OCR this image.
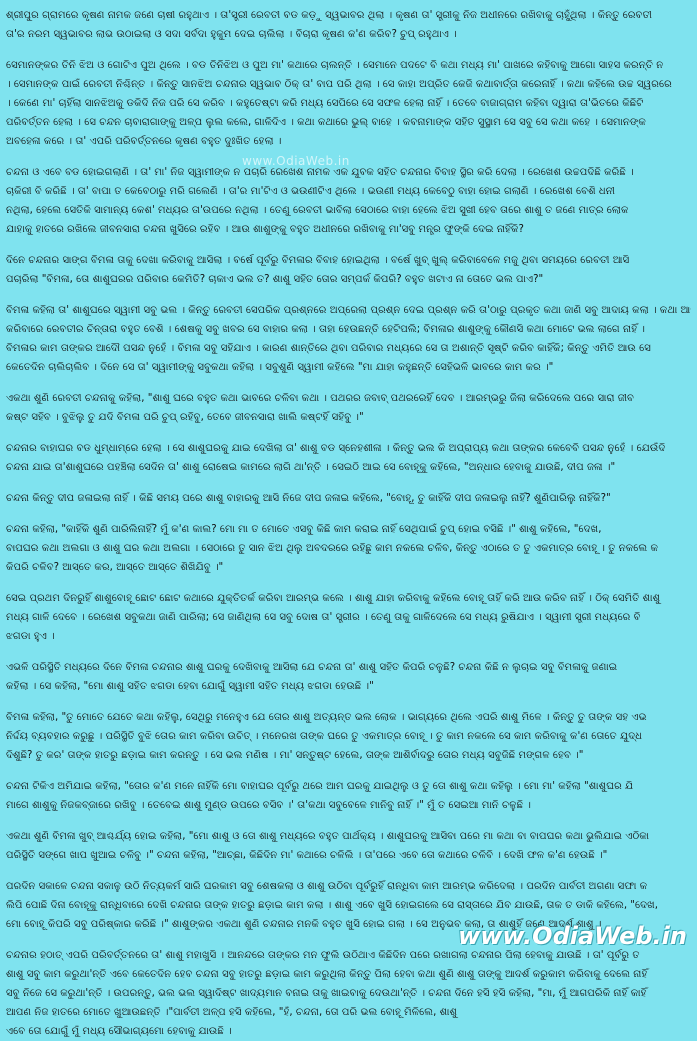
ଶ୍ରୀପୁର ଗ୍ରାମରେ କୃଷଣ ନାମକ ଜଣେ ଚାଷୀ ରହୁଥାଏ । ତା'ସ୍ତ୍ରୀ ରେବତୀ ବଡ କଡ଼ୁ ସ୍ୱଭାବର ଥିଲା । କୃଷଣ ତା' ସ୍ତ୍ରୀକୁ ନିଜ ଅଧୀନରେ ରଖିବାକୁ ଚାହୁଁଥିଲା । କିନ୍ତୁ ରେବତୀ
ତା'ର ନରମ ସ୍ୱଭାବର ଲାଭ ଉଠାଇଲା ଓ ସଦା ସର୍ବଦା ହୁକୁମ ଦେଇ ଚାଲିଲା । ବିଚାରା କୃଷଣ କ'ଣ କରିବ? ଚୁପ୍ ରହୁଥାଏ ।
ସେମାନଙ୍କର ତିନି ଝିଅ ଓ ଗୋଟିଏ ପୁଅ ଥିଲେ । ବଡ ତିନିଝିଅ ଓ ପୁଅ ମା' କଥାରେ ଚାଲନ୍ତି । ସେମାନେ ପଦଟେ ବି କଥା ମଧ୍ୟ ମା' ପାଖରେ କହିବାକୁ ଆଗୋ ସାହସ କରନ୍ତି ନ
। ସେମାନଙ୍କ ପାଇଁ ରେବତୀ ନିଶ୍ଚିନ୍ତ । କିନ୍ତୁ ସାନଝିଅ ଚନ୍ଦନାର ସ୍ୱଭାବ ଠିକ୍ ତା' ବାପ ପରି ଥିଲା । ସେ କାହା ଅପ୍ରିତ କେଜି କଥାବାର୍ତ୍ତା କରେନାହିଁ । କଥା କହିଲେ ଉଚ୍ଚ ସ୍ୱରରେ
। କେଣେ ମା' ଚାହିଁଲା ସାନଝିଅକୁ ଡକିଦି ନିଜ ପରି ସେ କରିବ । କହୁତେଷ୍ଟା କରି ମଧ୍ୟ ସେପିରେ ସେ ସଫଳ ହେଲା ନାହିଁ । ତେବେ ବାଜାଗ୍ରାମ କହିବା ଦ୍ୱାରା ତା'ଭିତରେ କିଛିଟି
ପରିବର୍ତ୍ତନ ହେଲା । ସେ ଚନ୍ଦନ ଚାବାରାଗାଙ୍କୁ ଅଳ୍ପ ଲୁଲ କଲେ, ଗାଳିଦିଏ । କଥା କଥାରେ ଭୁଲ୍ ବାହେ । କବନାମାଙ୍କ ସହିତ ସୁସ୍ଥାମ ସେ ସବୁ ସେ କଥା କହେ । ସେମାନଙ୍କ
ଅବହେଳା କରେ । ତା' ଏପରି ପରିବର୍ତ୍ତନରେ କୃଷଣ ବହୁତ ଦୁଃଖିତ ହେଲା ।
ଚନ୍ଦନା ଓ ଏବେ ବଡ ହୋଇଗଲାଣି । ତା' ମା' ନିଜ ସ୍ୱାମୀଙ୍କ ନ ପଚାରି ରେଖେଶ ନାମକ ଏକ ଯୁବକ ସହିତ ଚନ୍ଦନାର ବିବାହ ସ୍ଥିର କରି ଦେଲା । ରେଖେଶ ଉଚ୍ଚପଦିଛି କରିଛି ।
ଚାକିରୀ ବି କରିଛି । ତା' ବାପା ତ କେବେଠାରୁ ମରି ଗଲେଣି । ତା'ର ମା'ଟିଏ ଓ ଭଉଣୀଟିଏ ଥିଲେ । ଭଉଣୀ ମଧ୍ୟ କେବେଠୁ ବାହା ହୋଇ ଗଲାଣି । ରେଖେଶ ବେଶି ଧନୀ
ନଥିଲା, ହେଲେ ସେତିକି ସାମାନ୍ୟ କେଶ' ମଧ୍ୟର ତା'ଉପରେ ନଥିଲା । ତେଣୁ ରେବତୀ ଭାବିଲା ସେଠାରେ ବାହା ହେଲେ ଝିଅ ସୁଖୀ ହେବ ତାରେ ଶାଶୁ ତ ଜଣେ ମାତ୍ର ଲୋକ
ଯାହାକୁ ହାତରେ ରଖିଲେ ଜୀବନସାରା ଚନ୍ଦନା ଖୁସିରେ ରହିବ । ଆଉ ଶାଶୁଙ୍କୁ ବହୁତ ଅଧୀନରେ ରଖିବାକୁ ମା'ସବୁ ମନ୍ତ୍ର ଫୁଙ୍କି ଦେଇ ନାହିଁକି?
ଦିନେ ଚନ୍ଦନାର ସାଙ୍ଗ ବିମଳା ତାକୁ ଦେଖା କରିବାକୁ ଆସିଲା । ବର୍ଷେ ପୂର୍ବରୁ ବିମଳାର ବିବାହ ହୋଇଥିଲା । ବର୍ଷେ ଖୁବ୍ ଖୁଲ୍ କରିବାବେଳେ ମଜୁ ଥିବା ସମୟରେ ରେବତୀ ଆସି
ପଚାରିଲା "ବିମଳା, ତୋ ଶାଶୁଘରର ପରିବାର କେମିତି? ଚାକାଏ ଭଲ ତ? ଶାଶୁ ସହିତ ତୋର ସମ୍ପର୍କ କିପରି? ବହୁତ ଖଟାଏ ନା ତୋତେ ଭଲ ପାଏ?"
ବିମଳା କହିଲା ତା' ଶାଶୁଘରେ ସ୍ୱାମୀ ସବୁ ଭଲ । କିନ୍ତୁ ରେବତୀ ସେପରିକ ପ୍ରଶ୍ନରେ ଅପ୍ରେଲା ପ୍ରଶ୍ନ ଦେଇ ପ୍ରଶ୍ନ କରି ତା'ଠାରୁ ପ୍ରକୃତ କଥା ଜାଣି ସବୁ ଆଦାୟ କଲା । କଥା ଆଦାୟ
କରିବାରେ ରେବତୀର ଚିନ୍ତାରା ବହୁତ ବେଶି । ଶେଷକୁ ସବୁ ଖବର ସେ ବାହାର କଲା । ତାହା ହେଉଛନ୍ତି ହେଟିପଲି; ବିମଳାର ଶାଶୁଙ୍କୁ କୌଣସି କଥା ମୋଟେ ଭଲ ଲାଗେ ନାହିଁ ।
ବିମଳାର କାମ ତାଙ୍କର ଆଦୌ ପସନ୍ଦ ନୁହେଁ । ବିମଳା ସବୁ ସହିଯାଏ । କାରଣ ଶାନ୍ତିରେ ଥିବା ପରିବାର ମଧ୍ୟରେ ସେ ତା ଅଶାନ୍ତି ସୃଷ୍ଟି କରିବ କାହିଁକି; କିନ୍ତୁ ଏମିତି ଆଉ ସେ
କେତେଦିନ ଚାଲିଚାଲିବ । ଦିନେ ସେ ତା' ସ୍ୱାମୀଙ୍କୁ ସବୁକଥା କହିଲା । ସବୁଶୁଣି ସ୍ୱାମୀ କହିଲେ "ମା ଯାହା କହୁଛନ୍ତି ସେହିଭଳି ଭାବରେ କାମ କର ।"
ଏକଥା ଶୁଣି ରେବତୀ ଚନ୍ଦନାକୁ କହିଲା, "ଶାଶୁ ଘରେ ବହୁତ କଥା ଭାବରେ ଚଳିବା କଥା । ପଥରର ଜବାବ୍ ପଥରରେହିଁ ଦେବ । ଆରମ୍ଭରୁ ଜିଲା କରିଦେଲେ ପରେ ସାରା ଜୀବ
କଷ୍ଟ ସହିବ । ବୁଝିଲୁ ତୁ ଯଦି ବିମଳା ପରି ଚୁପ୍ ରହିବୁ, ତେବେ ଜୀବନସାରା ଖାଲି କଷ୍ଟହିଁ ସହିବୁ ।"
ଚନ୍ଦନାର ବାହାଘର ବଡ ଧୁମ୍‌ଧାମ୍‌ରେ ହେଲା । ସେ ଶାଶୁଘରକୁ ଯାଇ ଦେଖିଲା ତା' ଶାଶୁ ବଡ ସ୍ନେହଶୀଳା । କିନ୍ତୁ ଭଲ କି ଅପ୍ରାପ୍ୟ କଥା ତାଙ୍କର କେବେବି ପସନ୍ଦ ନୁହେଁ । ଯେଉଁଦି
ଚନ୍ଦନା ଯାଇ ତା'ଶାଶୁଘରେ ପହଞ୍ଚିଲା ସେଦିନ ତା' ଶାଶୁ ରୋଷେଇ କାମରେ ଲାଗି ଥା'ନ୍ତି । ସେଇଠି ଆଇ ସେ ବୋହୂକୁ କହିଲେ, "ଅନ୍ଧାର ହେବାକୁ ଯାଉଛି, ଦୀପ ଜଳା ।"
ଚନ୍ଦନା କିନ୍ତୁ ଦୀପ ଜଳାଇଲା ନାହିଁ । କିଛି ସମୟ ପରେ ଶାଶୁ ବାହାରକୁ ଆସି ନିଜେ ଦୀପ ଜଳାଇ କହିଲେ, "ବୋହୂ, ତୁ କାହିଁକି ଦୀପ ଜଳାଇଲୁ ନାହିଁ? ଶୁଣିପାରିଲୁ ନାହିଁକି?"
ଚନ୍ଦନା କହିଲା, "କାହିଁକି ଶୁଣି ପାରିଲିନାହିଁ? ମୁଁ କ'ଣ କାଲ? ମୋ ମା ତ ମୋତେ ଏସବୁ କିଛି କାମ କରାଇ ନାହିଁ ସେଥିପାଇଁ ଚୁପ୍ ହୋଇ ବସିଛି ।" ଶାଶୁ କହିଲେ, "ଦେଖ,
ବାପଘର କଥା ଅଲଗା ଓ ଶାଶୁ ଘର କଥା ଅଲଗା । ସେଠାରେ ତୁ ସାନ ଝିଅ ଥିଲୁ ଅବଦରରେ ରହିଛୁ କାମ ନକଲେ ଚଳିବ, କିନ୍ତୁ ଏଠାରେ ତ ତୁ ଏକମାତ୍ର ବୋହୂ । ତୁ ନକଲେ କ
କିପରି ଚଳିବ? ଆସ୍ତେ କର, ଆସ୍ତେ ଆସ୍ତେ ଶିଖିଯିବୁ ।"
ସେଇ ପ୍ରଥମ ଦିନରୁହିଁ ଶାଶୁବୋହୂ ଛୋଟ ଛୋଟ କଥାରେ ଯୁକ୍ତିତର୍କ କରିବା ଆରମ୍ଭ କଲେ । ଶାଶୁ ଯାହା କରିବାକୁ କହିଲେ ବୋହୂ ତାହିଁ କରି ଆଉ କରିବ ନାହିଁ । ଠିକ୍ ସେମିତି ଶାଶୁ
ମଧ୍ୟ ଗାଳି ଦେବେ । ରେଖେଶ ସବୁକଥା ଜାଣି ପାରିଲା; ସେ ଜାଣିଥିଲା ସେ ସବୁ ଦୋଷ ତା' ସ୍ତ୍ରୀର । ତେଣୁ ତାକୁ ଗାଳିଦେଲେ ସେ ମଧ୍ୟ ରୁଷିଯାଏ । ସ୍ୱାମୀ ସ୍ତ୍ରୀ ମଧ୍ୟରେ ବି
ଝଗଡା ହୁଏ ।
ଏଭଳି ପରିସ୍ଥିତି ମଧ୍ୟରେ ଦିନେ ବିମଳା ଚନ୍ଦନାର ଶାଶୁ ଘରକୁ ଦେଖିବାକୁ ଆସିଲା ଯେ ଚନ୍ଦନା ତା' ଶାଶୁ ସହିତ କିପରି ଚଳୁଛି? ଚନ୍ଦନା କିଛି ନ ଲୁଚାଇ ସବୁ ବିମଳାକୁ ଜଣାଇ
କହିଲା । ସେ କହିଲା, "ମୋ ଶାଶୁ ସହିତ ଝଗଡା ହେବା ଯୋଗୁଁ ସ୍ୱାମୀ ସହିତ ମଧ୍ୟ ଝଗଡା ହେଉଛି ।"
ବିମଳା କହିଲା, "ତୁ ମୋତେ ଯେତେ କଥା କହିଲୁ, ସେଥିରୁ ମନେହୁଏ ଯେ ତୋର ଶାଶୁ ଅତ୍ୟନ୍ତ ଭଲ ଲୋକ । ଭାଗ୍ୟରେ ଥିଲେ ଏପରି ଶାଶୁ ମିଳେ । କିନ୍ତୁ ତୁ ତାଙ୍କ ସହ ଏଭ
ନିର୍ଦ୍ଦୟ ବ୍ୟବହାର କରୁଛୁ । ପରିସ୍ଥିତି ବୁଝି ତୋର କାମ କରିବା ଉଚିତ୍ । ମନେରଖ ତାଙ୍କ ଘରେ ତୁ ଏକମାତ୍ର ବୋହୂ । ତୁ କାମ ନକଲେ ସେ କାମ କରିବାକୁ କ'ଣ ତୋତେ ଯୁଦ୍ଧ
ଦିଶୁଛି? ତୁ କର' ତାଙ୍କ ହାତରୁ ଛଡ଼ାଇ କାମ କରନ୍ତୁ । ସେ ଭଲ ମଣିଷ । ମା' ସନ୍ତୁଷ୍ଟ ହେଲେ, ତାଙ୍କ ଆଶିର୍ବାଦରୁ ତୋର ମଧ୍ୟ ସବୁଜିଛି ମଙ୍ଗଳ ହେବ ।"
ଚନ୍ଦନା ଟିକିଏ ଅମିଯାଇ କହିଲା, "ତୋର କ'ଣ ମନେ ନାହିଁକି ମୋ ବାହାଘର ପୂର୍ବରୁ ଥରେ ଆମ ଘରକୁ ଯାଇଥିଲୁ ଓ ତୁ ତୋ ଶାଶୁ କଥା କହିଲୁ । ମୋ ମା' କହିଲା "ଶାଶୁଘର ଯି
ମାଗେ ଶାଶୁକୁ ନିଜକବ୍ଜାରେ ରଖିବୁ । ତେବେଇ ଶାଶୁ ମୁଣ୍ଡ ଉପରେ ବସିବ ।' ତା'କଥା ସବୁବେଳେ ମାନିବୁ ନାହିଁ ।" ମୁଁ ତ ସେଇଆ ମାନି ଚଳୁଛି ।
ଏକଥା ଶୁଣି ବିମଳା ଖୁବ୍ ଆଶ୍ଚର୍ଯ୍ୟ ହୋଇ କହିଲା, "ମୋ ଶାଶୁ ଓ ତୋ ଶାଶୁ ମଧ୍ୟରେ ବହୁତ ପାର୍ଥକ୍ୟ । ଶାଶୁଘରକୁ ଆସିବା ପରେ ମା କଥା ବା ବାପଘର କଥା ଭୁଲିଯାଇ ଏଠିକା
ପରିସ୍ଥିତି ସଙ୍ଗେ ଖାପ ଖୁଆଇ ଚଳିବୁ ।" ଚନ୍ଦନା କହିଲା, "ଆଚ୍ଛା, କିଛିଦିନ ମା' କଥାରେ ଚଳିଲି । ତା'ପରେ ଏବେ ତୋ କଥାରେ ଚଳିବି । ଦେଖି ଫଳ କ'ଣ ହେଉଛି ।"
ପରଦିନ ସକାଳେ ଚନ୍ଦନା ସକାଳୁ ଉଠି ନିତ୍ୟକର୍ମ ସାରି ଘରକାମ ସବୁ ଶେଷକଲା ଓ ଶାଶୁ ଉଠିବା ପୂର୍ବରୁହିଁ ରାନ୍ଧିବା କାମ ଆରମ୍ଭ କରିଦେଲା । ପରଦିନ ପାର୍ବତୀ ଅଗଣା ସଫା କ
ଲିପି ପୋଛି ଦିନା ବୋହୂକୁ ରାନ୍ଧିବାରେ ଦେଖି ଚନ୍ଦନାର ତାଙ୍କ ହାତରୁ ଛଡ଼ାଇ କାମ କଲା । ଶାଶୁ ଏବେ ଖୁସି ହୋଇଗଲେ ସେ ରାସ୍ତାରେ ଯିବ ଯାଉଛି, ତାକ ତ ଡାକି କହିଲେ, "ଦେଖ,
ମୋ ବୋହୂ କିପରି ସବୁ ପରିଷ୍କାର କରିଛି ।" ଶାଶୁଙ୍କର ଏକଥା ଶୁଣି ଚନ୍ଦନାର ମନକି ବହୁତ ଖୁସି ହୋଇ ଗଲା । ସେ ଅନୁଭବ କଲା, ତା ଶାଶୁହିଁ ଜଣେ ଆଦର୍ଶ ଶାଶୁ ।
ଚନ୍ଦନାର ହଠାତ୍ ଏପରି ପରିବର୍ତ୍ତନରେ ତା' ଶାଶୁ ମହାଖୁସି । ଆନନ୍ଦରେ ତାଙ୍କର ମନ ଫୁଲି ଉଠିଥାଏ କିଛିଦିନ ପରେ ରଖାଗଲା ଚନ୍ଦନାର ପିଲା ହେବାକୁ ଯାଉଛି । ତା' ପୂର୍ବରୁ ତ
ଶାଶୁ ସବୁ କାମ କରୁଥା'ନ୍ତି ଏବେ କେତେଦିନ ହେବ ଚନ୍ଦନା ସବୁ ହାତରୁ ଛଡ଼ାଇ କାମ କରୁଥିଲା କିନ୍ତୁ ପିଲା ହେବା କଥା ଶୁଣି ଶାଶୁ ତାଙ୍କୁ ଆଦର୍ଶ କରୁକାମ କରିବାକୁ ଦେଲେ ନାହିଁ
ସବୁ ନିଜେ ସେ କରୁଥା'ନ୍ତି । ଉପରନ୍ତୁ, ଭଲ ଭଲ ସ୍ୱାଦିଷ୍ଟ ଖାଦ୍ୟମାନ ବନାଇ ତାକୁ ଖାଇବାକୁ ଦେଉଥା'ନ୍ତି । ଚନ୍ଦନା ଦିନେ ହସି ହସି କହିଲା, "ମା, ମୁଁ ଆଗପରିକି ନାହିଁ କାହିଁ
ଆପଣ ନିଜ ହାତରେ ମୋତେ ଖୁଆଉଛନ୍ତି ।"ପାର୍ବତୀ ଅଳ୍ପ ହସି କହିଲେ, "ହଁ, ଚନ୍ଦନା, ତୋ ପରି ଭଲ ବୋହୂ ମିଳିଲେ, ଶାଶୁ
ଏବେ ତୋ ଯୋଗୁଁ ମୁଁ ମଧ୍ୟ ସୌଭାଗ୍ୟମୋ ହେବାକୁ ଯାଉଛି ।
www.OdiaWeb.in
www.OdiaWeb.in
